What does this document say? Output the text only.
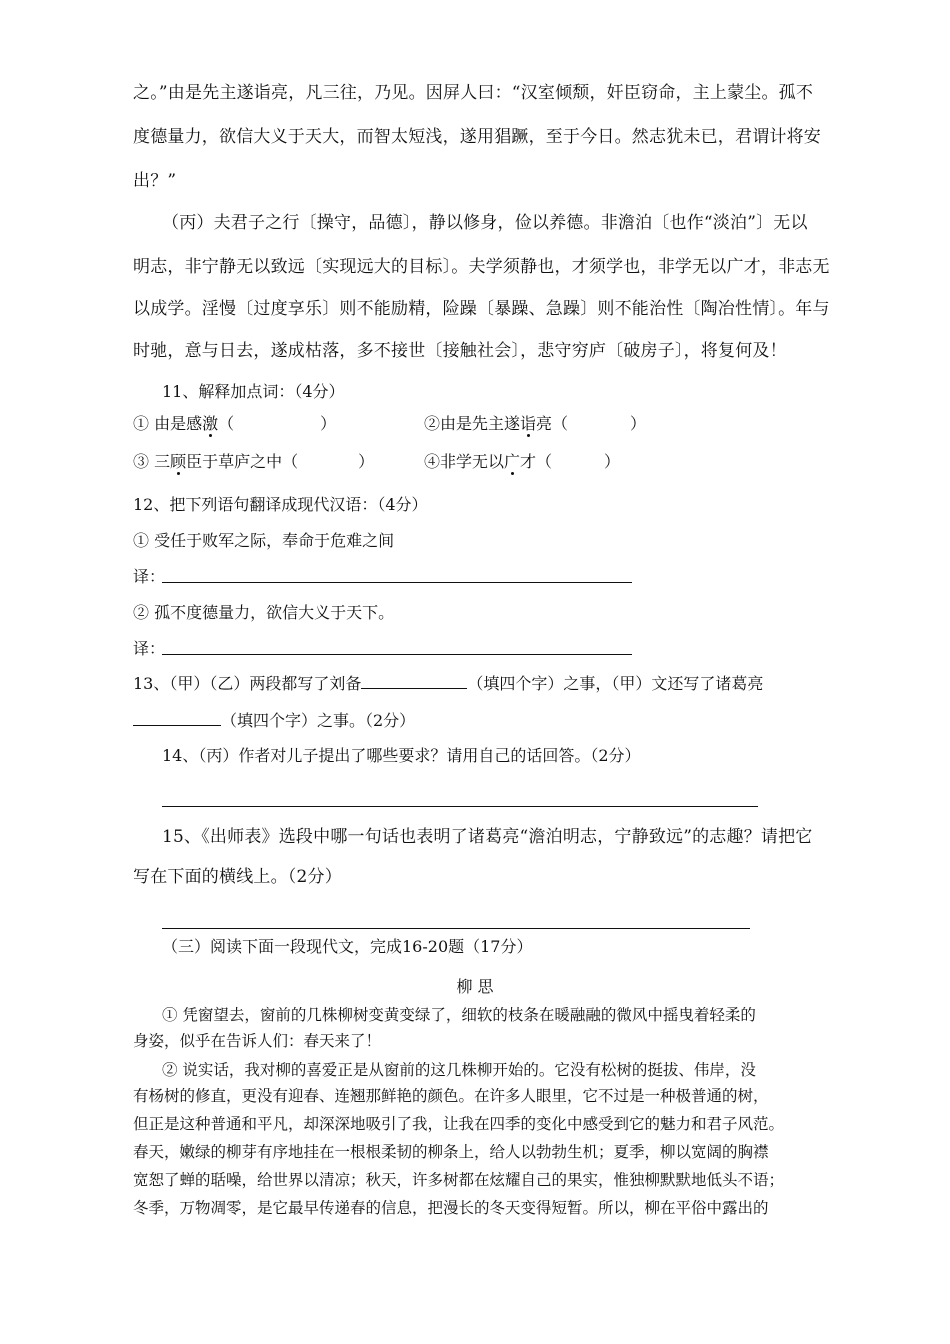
之。”由是先主遂诣亮，凡三往，乃见。因屏人曰：“汉室倾颓，奸臣窃命，主上蒙尘。孤不
度德量力，欲信大义于天大，而智太短浅，遂用猖蹶，至于今日。然志犹未已，君谓计将安
出？”
（丙）夫君子之行〔操守，品德〕，静以修身，俭以养德。非澹泊〔也作“淡泊”〕无以
明志，非宁静无以致远〔实现远大的目标〕。夫学须静也，才须学也，非学无以广才，非志无
以成学。淫慢〔过度享乐〕则不能励精，险躁〔暴躁、急躁〕则不能治性〔陶冶性情〕。年与
时驰，意与日去，遂成枯落，多不接世〔接触社会〕，悲守穷庐〔破房子〕，将复何及！
11、解释加点词：（4分）
① 由是感激（	）	②由是先主遂诣亮（	）
③ 三顾臣于草庐之中（	）	④非学无以广才（	）
12、把下列语句翻译成现代汉语：（4分）
① 受任于败军之际，奉命于危难之间
译：
② 孤不度德量力，欲信大义于天下。
译：
13、（甲）（乙）两段都写了刘备	（填四个字）之事，（甲）文还写了诸葛亮
（填四个字）之事。（2分）
14、（丙）作者对儿子提出了哪些要求？请用自己的话回答。（2分）
15、《出师表》选段中哪一句话也表明了诸葛亮“澹泊明志，宁静致远”的志趣？请把它
写在下面的横线上。（2分）
（三）阅读下面一段现代文，完成16-20题（17分）
柳 思
① 凭窗望去，窗前的几株柳树变黄变绿了，细软的枝条在暖融融的微风中摇曳着轻柔的
身姿，似乎在告诉人们：春天来了！
② 说实话，我对柳的喜爱正是从窗前的这几株柳开始的。它没有松树的挺拔、伟岸，没
有杨树的修直，更没有迎春、连翘那鲜艳的颜色。在许多人眼里，它不过是一种极普通的树，
但正是这种普通和平凡，却深深地吸引了我，让我在四季的变化中感受到它的魅力和君子风范。
春天，嫩绿的柳芽有序地挂在一根根柔韧的柳条上，给人以勃勃生机；夏季，柳以宽阔的胸襟
宽恕了蝉的聒噪，给世界以清凉；秋天，许多树都在炫耀自己的果实，惟独柳默默地低头不语；
冬季，万物凋零，是它最早传递春的信息，把漫长的冬天变得短暂。所以，柳在平俗中露出的
